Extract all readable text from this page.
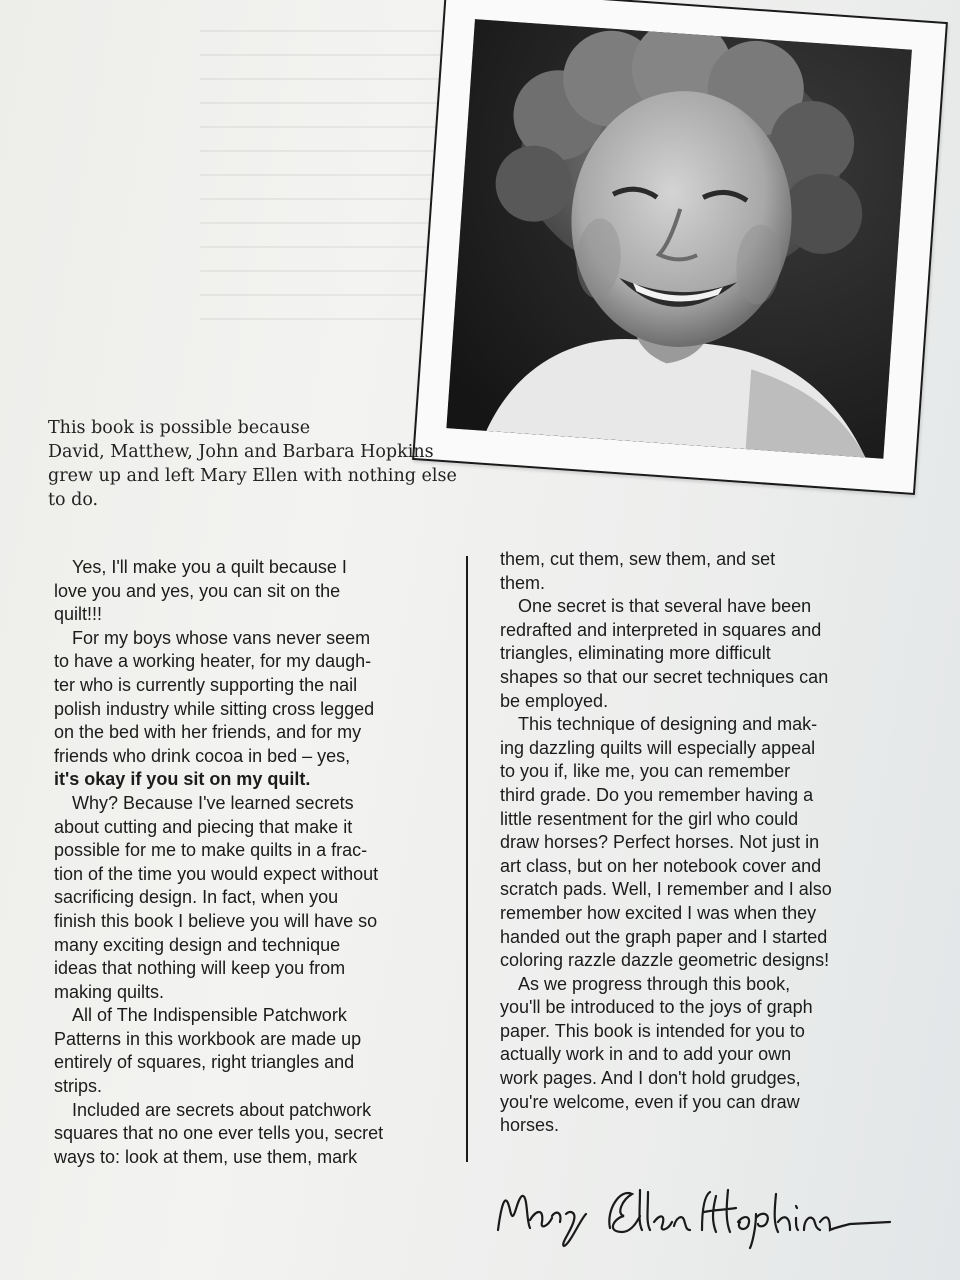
This book is possible because
David, Matthew, John and Barbara Hopkins
grew up and left Mary Ellen with nothing else
to do.
Yes, I'll make you a quilt because I
love you and yes, you can sit on the
quilt!!!
For my boys whose vans never seem
to have a working heater, for my daugh-
ter who is currently supporting the nail
polish industry while sitting cross legged
on the bed with her friends, and for my
friends who drink cocoa in bed – yes,
it's okay if you sit on my quilt.
Why? Because I've learned secrets
about cutting and piecing that make it
possible for me to make quilts in a frac-
tion of the time you would expect without
sacrificing design. In fact, when you
finish this book I believe you will have so
many exciting design and technique
ideas that nothing will keep you from
making quilts.
All of The Indispensible Patchwork
Patterns in this workbook are made up
entirely of squares, right triangles and
strips.
Included are secrets about patchwork
squares that no one ever tells you, secret
ways to: look at them, use them, mark
them, cut them, sew them, and set
them.
One secret is that several have been
redrafted and interpreted in squares and
triangles, eliminating more difficult
shapes so that our secret techniques can
be employed.
This technique of designing and mak-
ing dazzling quilts will especially appeal
to you if, like me, you can remember
third grade. Do you remember having a
little resentment for the girl who could
draw horses? Perfect horses. Not just in
art class, but on her notebook cover and
scratch pads. Well, I remember and I also
remember how excited I was when they
handed out the graph paper and I started
coloring razzle dazzle geometric designs!
As we progress through this book,
you'll be introduced to the joys of graph
paper. This book is intended for you to
actually work in and to add your own
work pages. And I don't hold grudges,
you're welcome, even if you can draw
horses.
